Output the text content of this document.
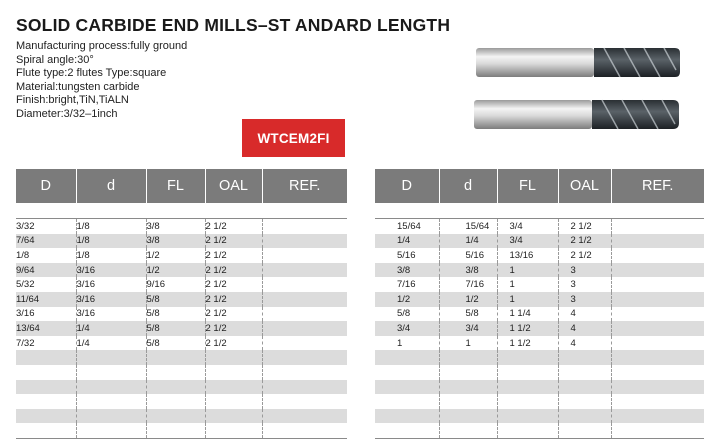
SOLID CARBIDE END MILLS–ST ANDARD LENGTH
Manufacturing process:fully ground
Spiral angle:30°
Flute type:2 flutes Type:square
Material:tungsten carbide
Finish:bright,TiN,TiALN
Diameter:3/32–1inch
WTCEM2FI
D	d	FL	OAL	REF.

3/32	1/8	3/8	2 1/2	
7/64	1/8	3/8	2 1/2	
1/8	1/8	1/2	2 1/2	
9/64	3/16	1/2	2 1/2	
5/32	3/16	9/16	2 1/2	
11/64	3/16	5/8	2 1/2	
3/16	3/16	5/8	2 1/2	
13/64	1/4	5/8	2 1/2	
7/32	1/4	5/8	2 1/2	

D	d	FL	OAL	REF.

15/64	15/64	3/4	2 1/2	
1/4	1/4	3/4	2 1/2	
5/16	5/16	13/16	2 1/2	
3/8	3/8	1	3	
7/16	7/16	1	3	
1/2	1/2	1	3	
5/8	5/8	1 1/4	4	
3/4	3/4	1 1/2	4	
1	1	1 1/2	4	
